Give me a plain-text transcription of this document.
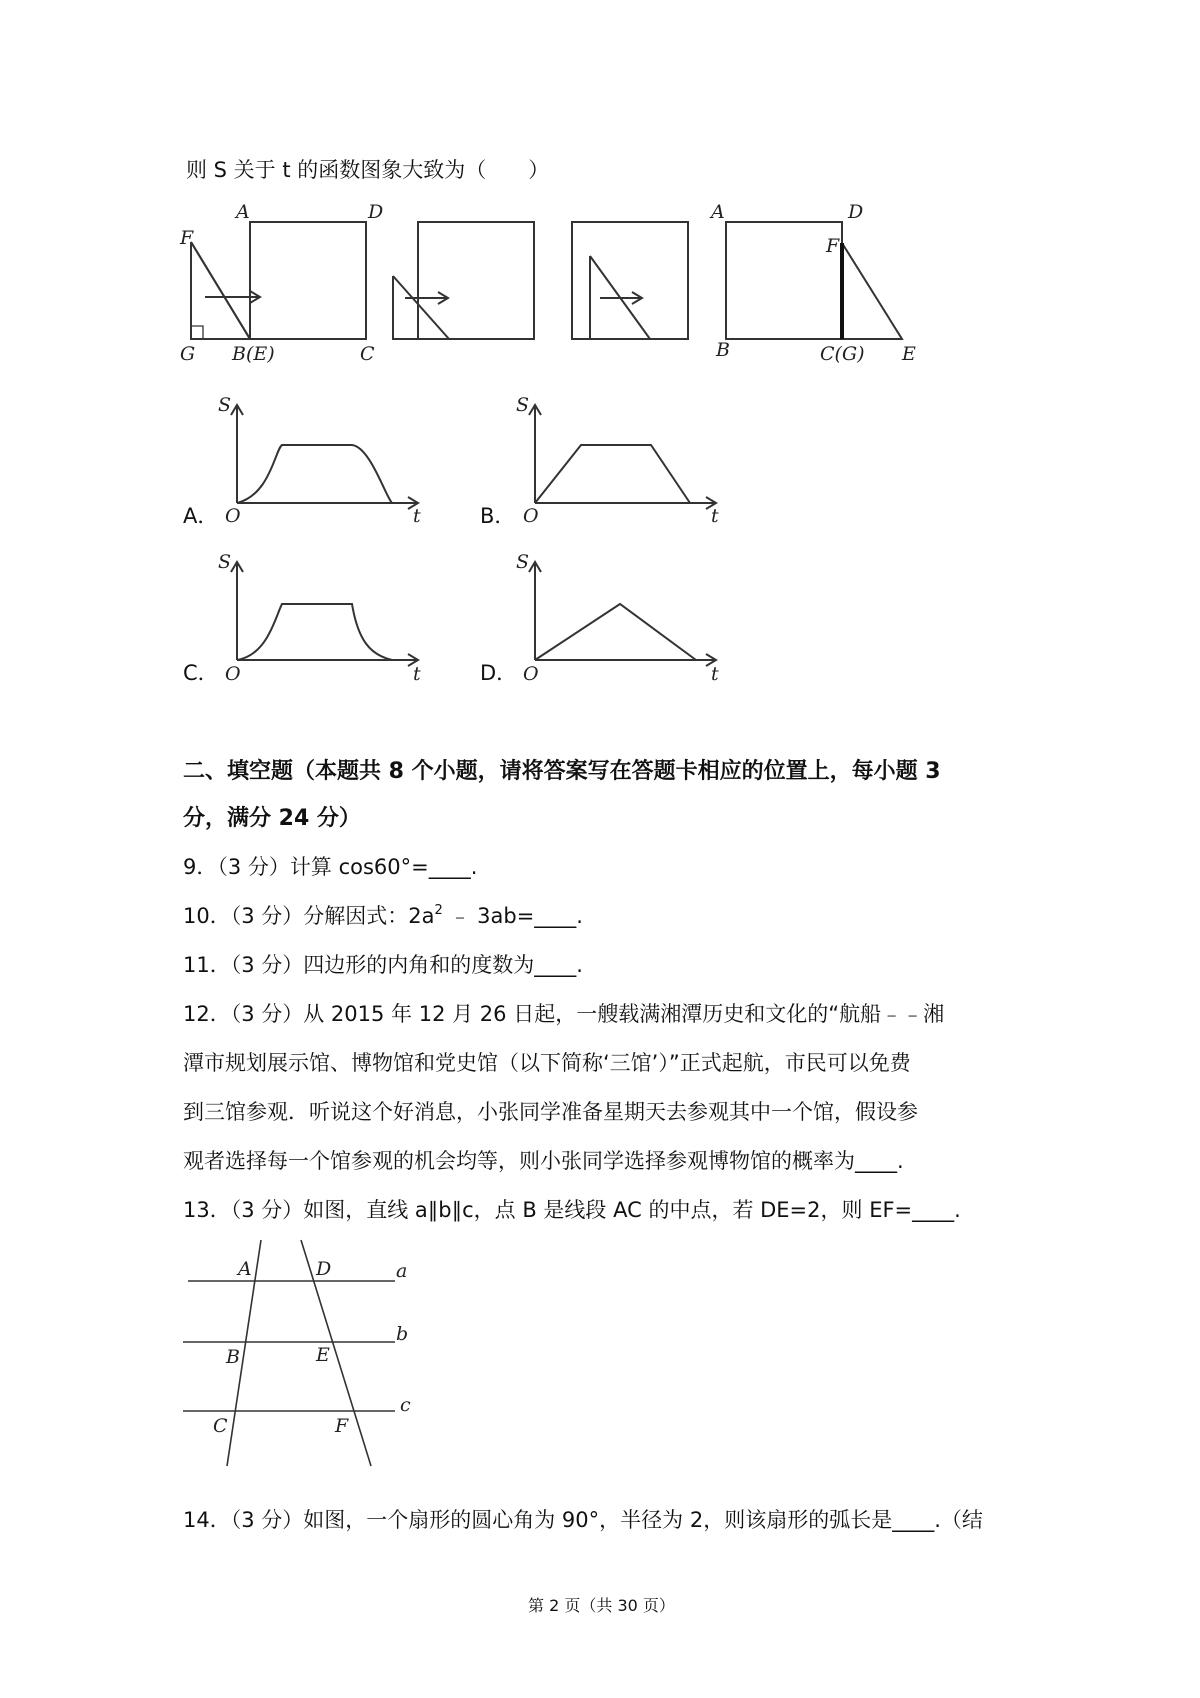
则 S 关于 t 的函数图象大致为（　　）
A	D
F
G B(E)	C
A	D
F
B	C(G) E
S
O	t
S
O	t
S
O	t
S
O	t
A	D	a
B	E
b
C	F
c
A．	B．
C．	D．
二、填空题（本题共 8 个小题，请将答案写在答题卡相应的位置上，每小题 3
分，满分 24 分）
9．（3 分）计算 cos60°=____.
10．（3 分）分解因式：$2a^2$ ﹣ 3ab=____.
11．（3 分）四边形的内角和的度数为____.
12．（3 分）从 2015 年 12 月 26 日起，一艘载满湘潭历史和文化的“航船﹣﹣湘
潭市规划展示馆、博物馆和党史馆（以下简称‘三馆’）”正式起航，市民可以免费
到三馆参观．听说这个好消息，小张同学准备星期天去参观其中一个馆，假设参
观者选择每一个馆参观的机会均等，则小张同学选择参观博物馆的概率为____.
13．（3 分）如图，直线 a∥b∥c，点 B 是线段 AC 的中点，若 DE=2，则 EF=____.
14．（3 分）如图，一个扇形的圆心角为 90°，半径为 2，则该扇形的弧长是____.（结
第 2 页（共 30 页）
